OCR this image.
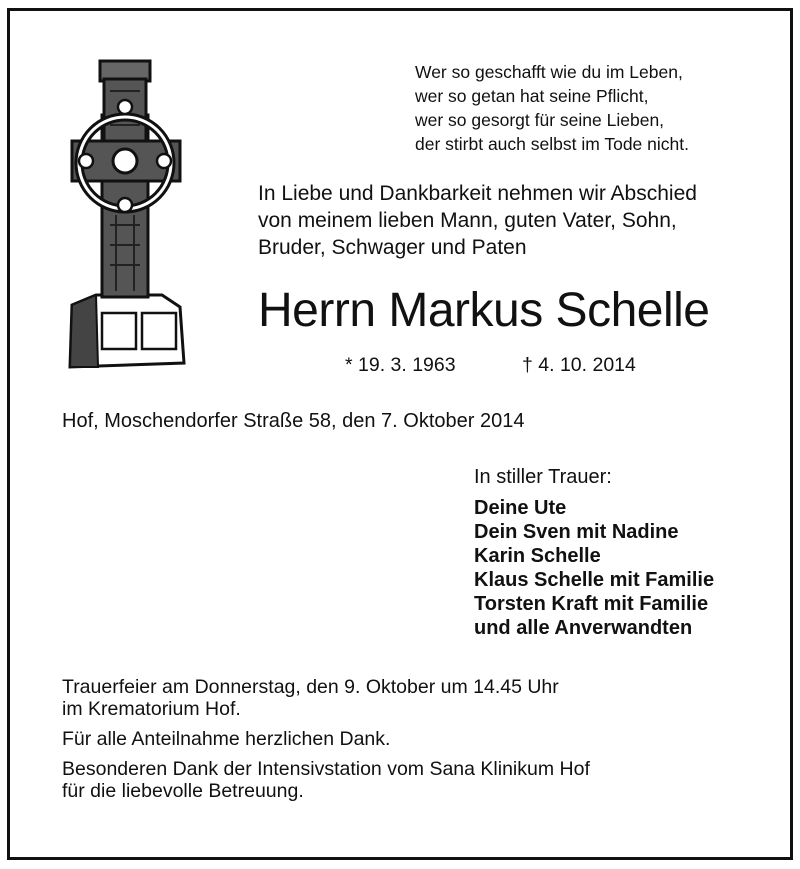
Wer so geschafft wie du im Leben,
wer so getan hat seine Pflicht,
wer so gesorgt für seine Lieben,
der stirbt auch selbst im Tode nicht.
In Liebe und Dankbarkeit nehmen wir Abschied
von meinem lieben Mann, guten Vater, Sohn,
Bruder, Schwager und Paten
Herrn Markus Schelle
* 19. 3. 1963	† 4. 10. 2014
Hof, Moschendorfer Straße 58, den 7. Oktober 2014
In stiller Trauer:
Deine Ute
Dein Sven mit Nadine
Karin Schelle
Klaus Schelle mit Familie
Torsten Kraft mit Familie
und alle Anverwandten
Trauerfeier am Donnerstag, den 9. Oktober um 14.45 Uhr
im Krematorium Hof.
Für alle Anteilnahme herzlichen Dank.
Besonderen Dank der Intensivstation vom Sana Klinikum Hof
für die liebevolle Betreuung.
